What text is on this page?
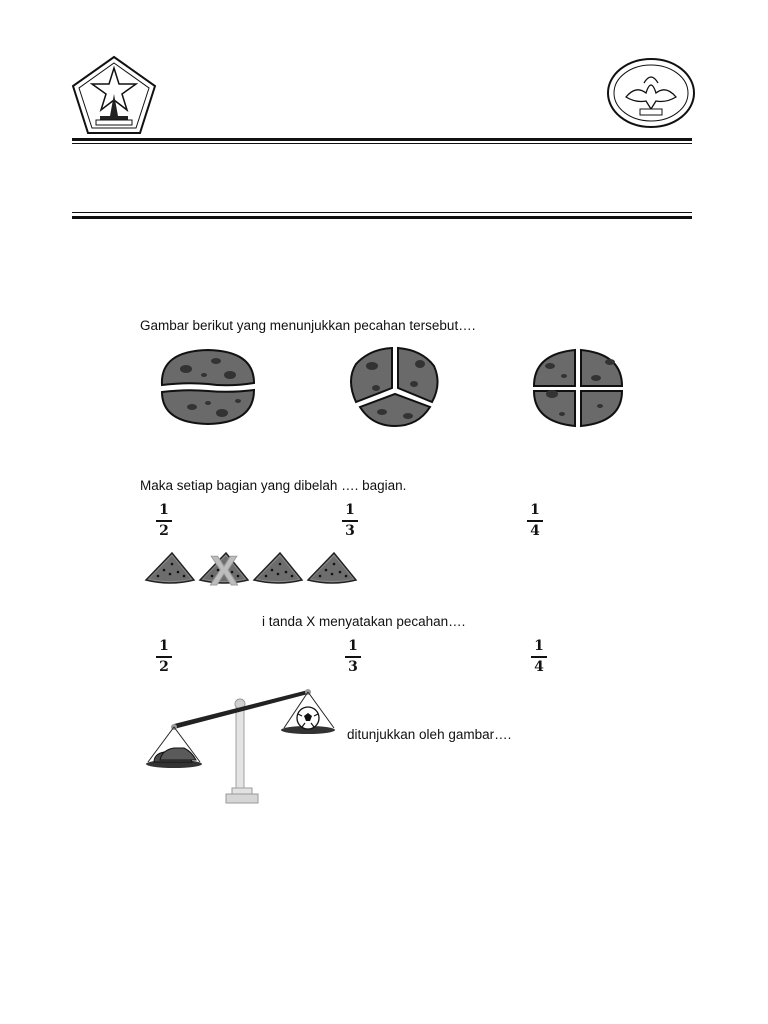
Gambar berikut yang menunjukkan pecahan tersebut….
Maka setiap bagian yang dibelah …. bagian.
1
2
1
3
1
4
X
i tanda X menyatakan pecahan….
1
2
1
3
1
4
ditunjukkan oleh gambar….
